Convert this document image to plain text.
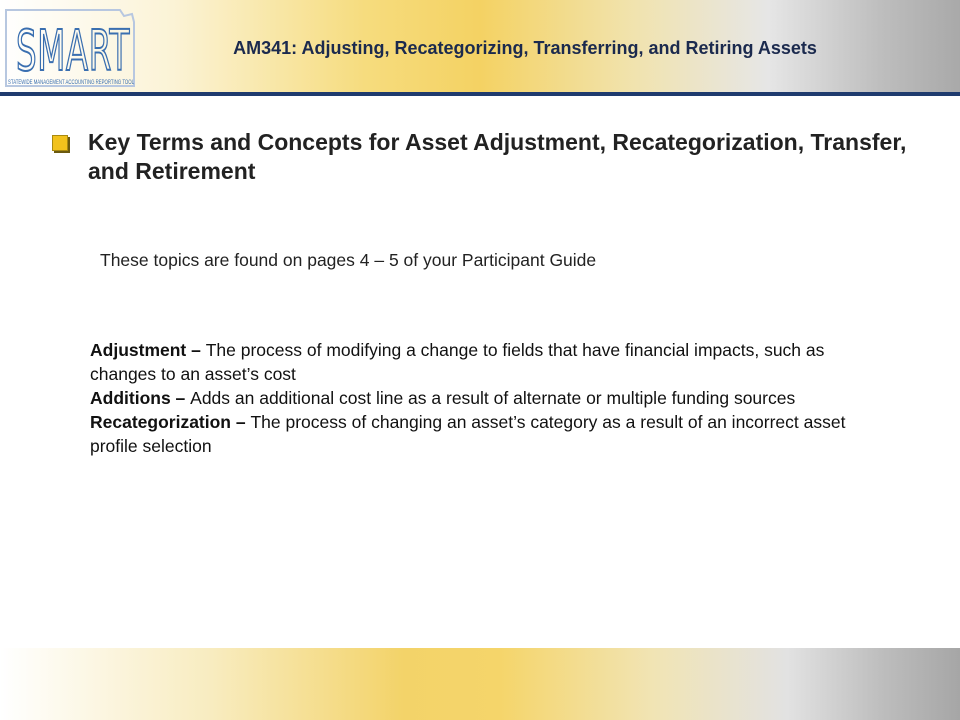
SMART
STATEWIDE MANAGEMENT ACCOUNTING REPORTING TOOL
AM341: Adjusting, Recategorizing, Transferring, and Retiring Assets
Key Terms and Concepts for Asset Adjustment, Recategorization, Transfer, and Retirement
These topics are found on pages 4 – 5 of your Participant Guide

Adjustment – The process of modifying a change to fields that have financial impacts, such as changes to an asset’s cost

Additions – Adds an additional cost line as a result of alternate or multiple funding sources

Recategorization – The process of changing an asset’s category as a result of an incorrect asset profile selection
